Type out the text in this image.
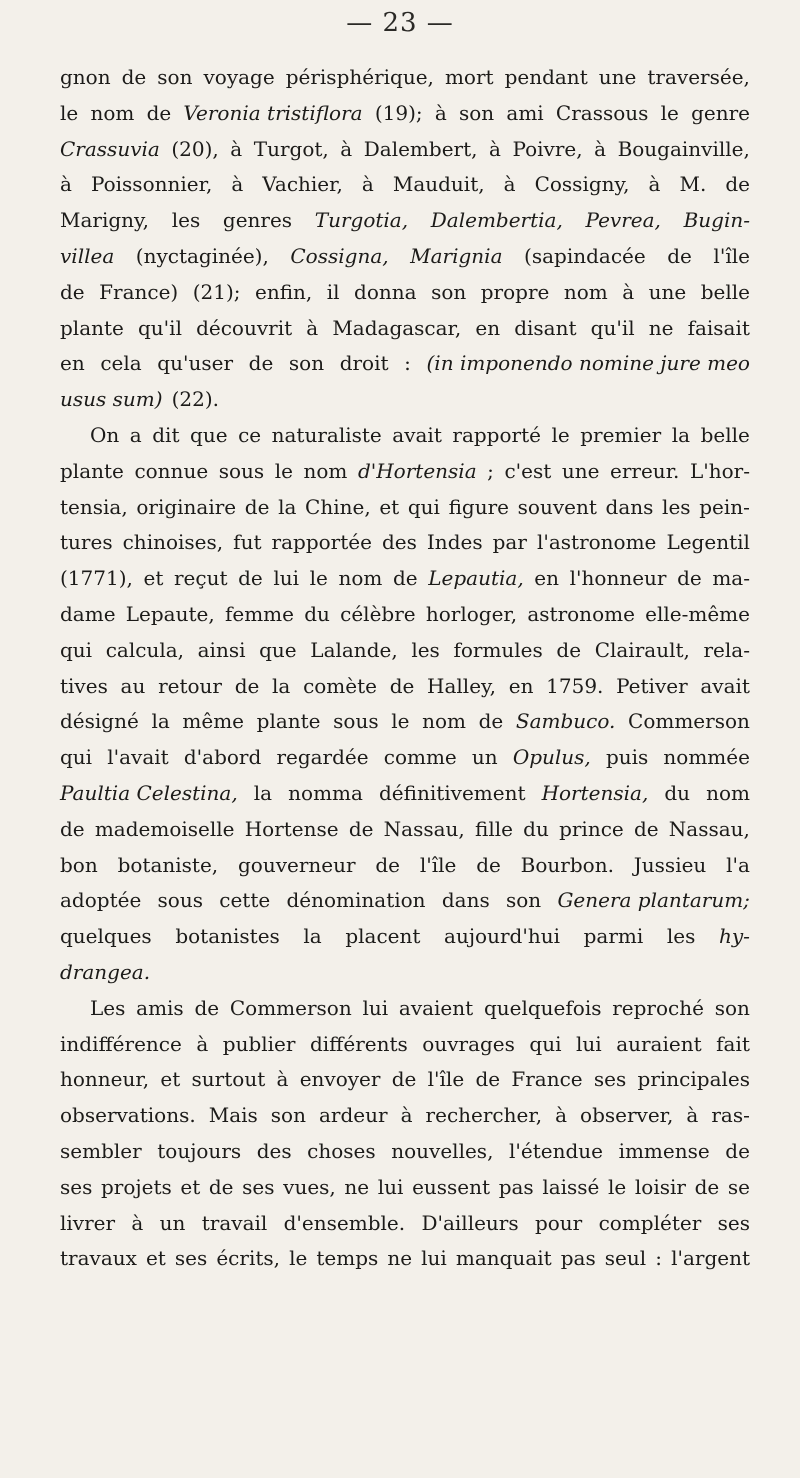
— 23 —
gnon de son voyage périsphérique, mort pendant une traversée,
le nom de Veronia tristiflora (19); à son ami Crassous le genre
Crassuvia (20), à Turgot, à Dalembert, à Poivre, à Bougainville,
à Poissonnier, à Vachier, à Mauduit, à Cossigny, à M. de
Marigny, les genres Turgotia, Dalembertia, Pevrea, Bugin-
villea (nyctaginée), Cossigna, Marignia (sapindacée de l'île
de France) (21); enfin, il donna son propre nom à une belle
plante qu'il découvrit à Madagascar, en disant qu'il ne faisait
en cela qu'user de son droit : (in imponendo nomine jure meo
usus sum) (22).
On a dit que ce naturaliste avait rapporté le premier la belle
plante connue sous le nom d'Hortensia ; c'est une erreur. L'hor-
tensia, originaire de la Chine, et qui figure souvent dans les pein-
tures chinoises, fut rapportée des Indes par l'astronome Legentil
(1771), et reçut de lui le nom de Lepautia, en l'honneur de ma-
dame Lepaute, femme du célèbre horloger, astronome elle-même
qui calcula, ainsi que Lalande, les formules de Clairault, rela-
tives au retour de la comète de Halley, en 1759. Petiver avait
désigné la même plante sous le nom de Sambuco. Commerson
qui l'avait d'abord regardée comme un Opulus, puis nommée
Paultia Celestina, la nomma définitivement Hortensia, du nom
de mademoiselle Hortense de Nassau, fille du prince de Nassau,
bon botaniste, gouverneur de l'île de Bourbon. Jussieu l'a
adoptée sous cette dénomination dans son Genera plantarum;
quelques botanistes la placent aujourd'hui parmi les hy-
drangea.
Les amis de Commerson lui avaient quelquefois reproché son
indifférence à publier différents ouvrages qui lui auraient fait
honneur, et surtout à envoyer de l'île de France ses principales
observations. Mais son ardeur à rechercher, à observer, à ras-
sembler toujours des choses nouvelles, l'étendue immense de
ses projets et de ses vues, ne lui eussent pas laissé le loisir de se
livrer à un travail d'ensemble. D'ailleurs pour compléter ses
travaux et ses écrits, le temps ne lui manquait pas seul : l'argent
